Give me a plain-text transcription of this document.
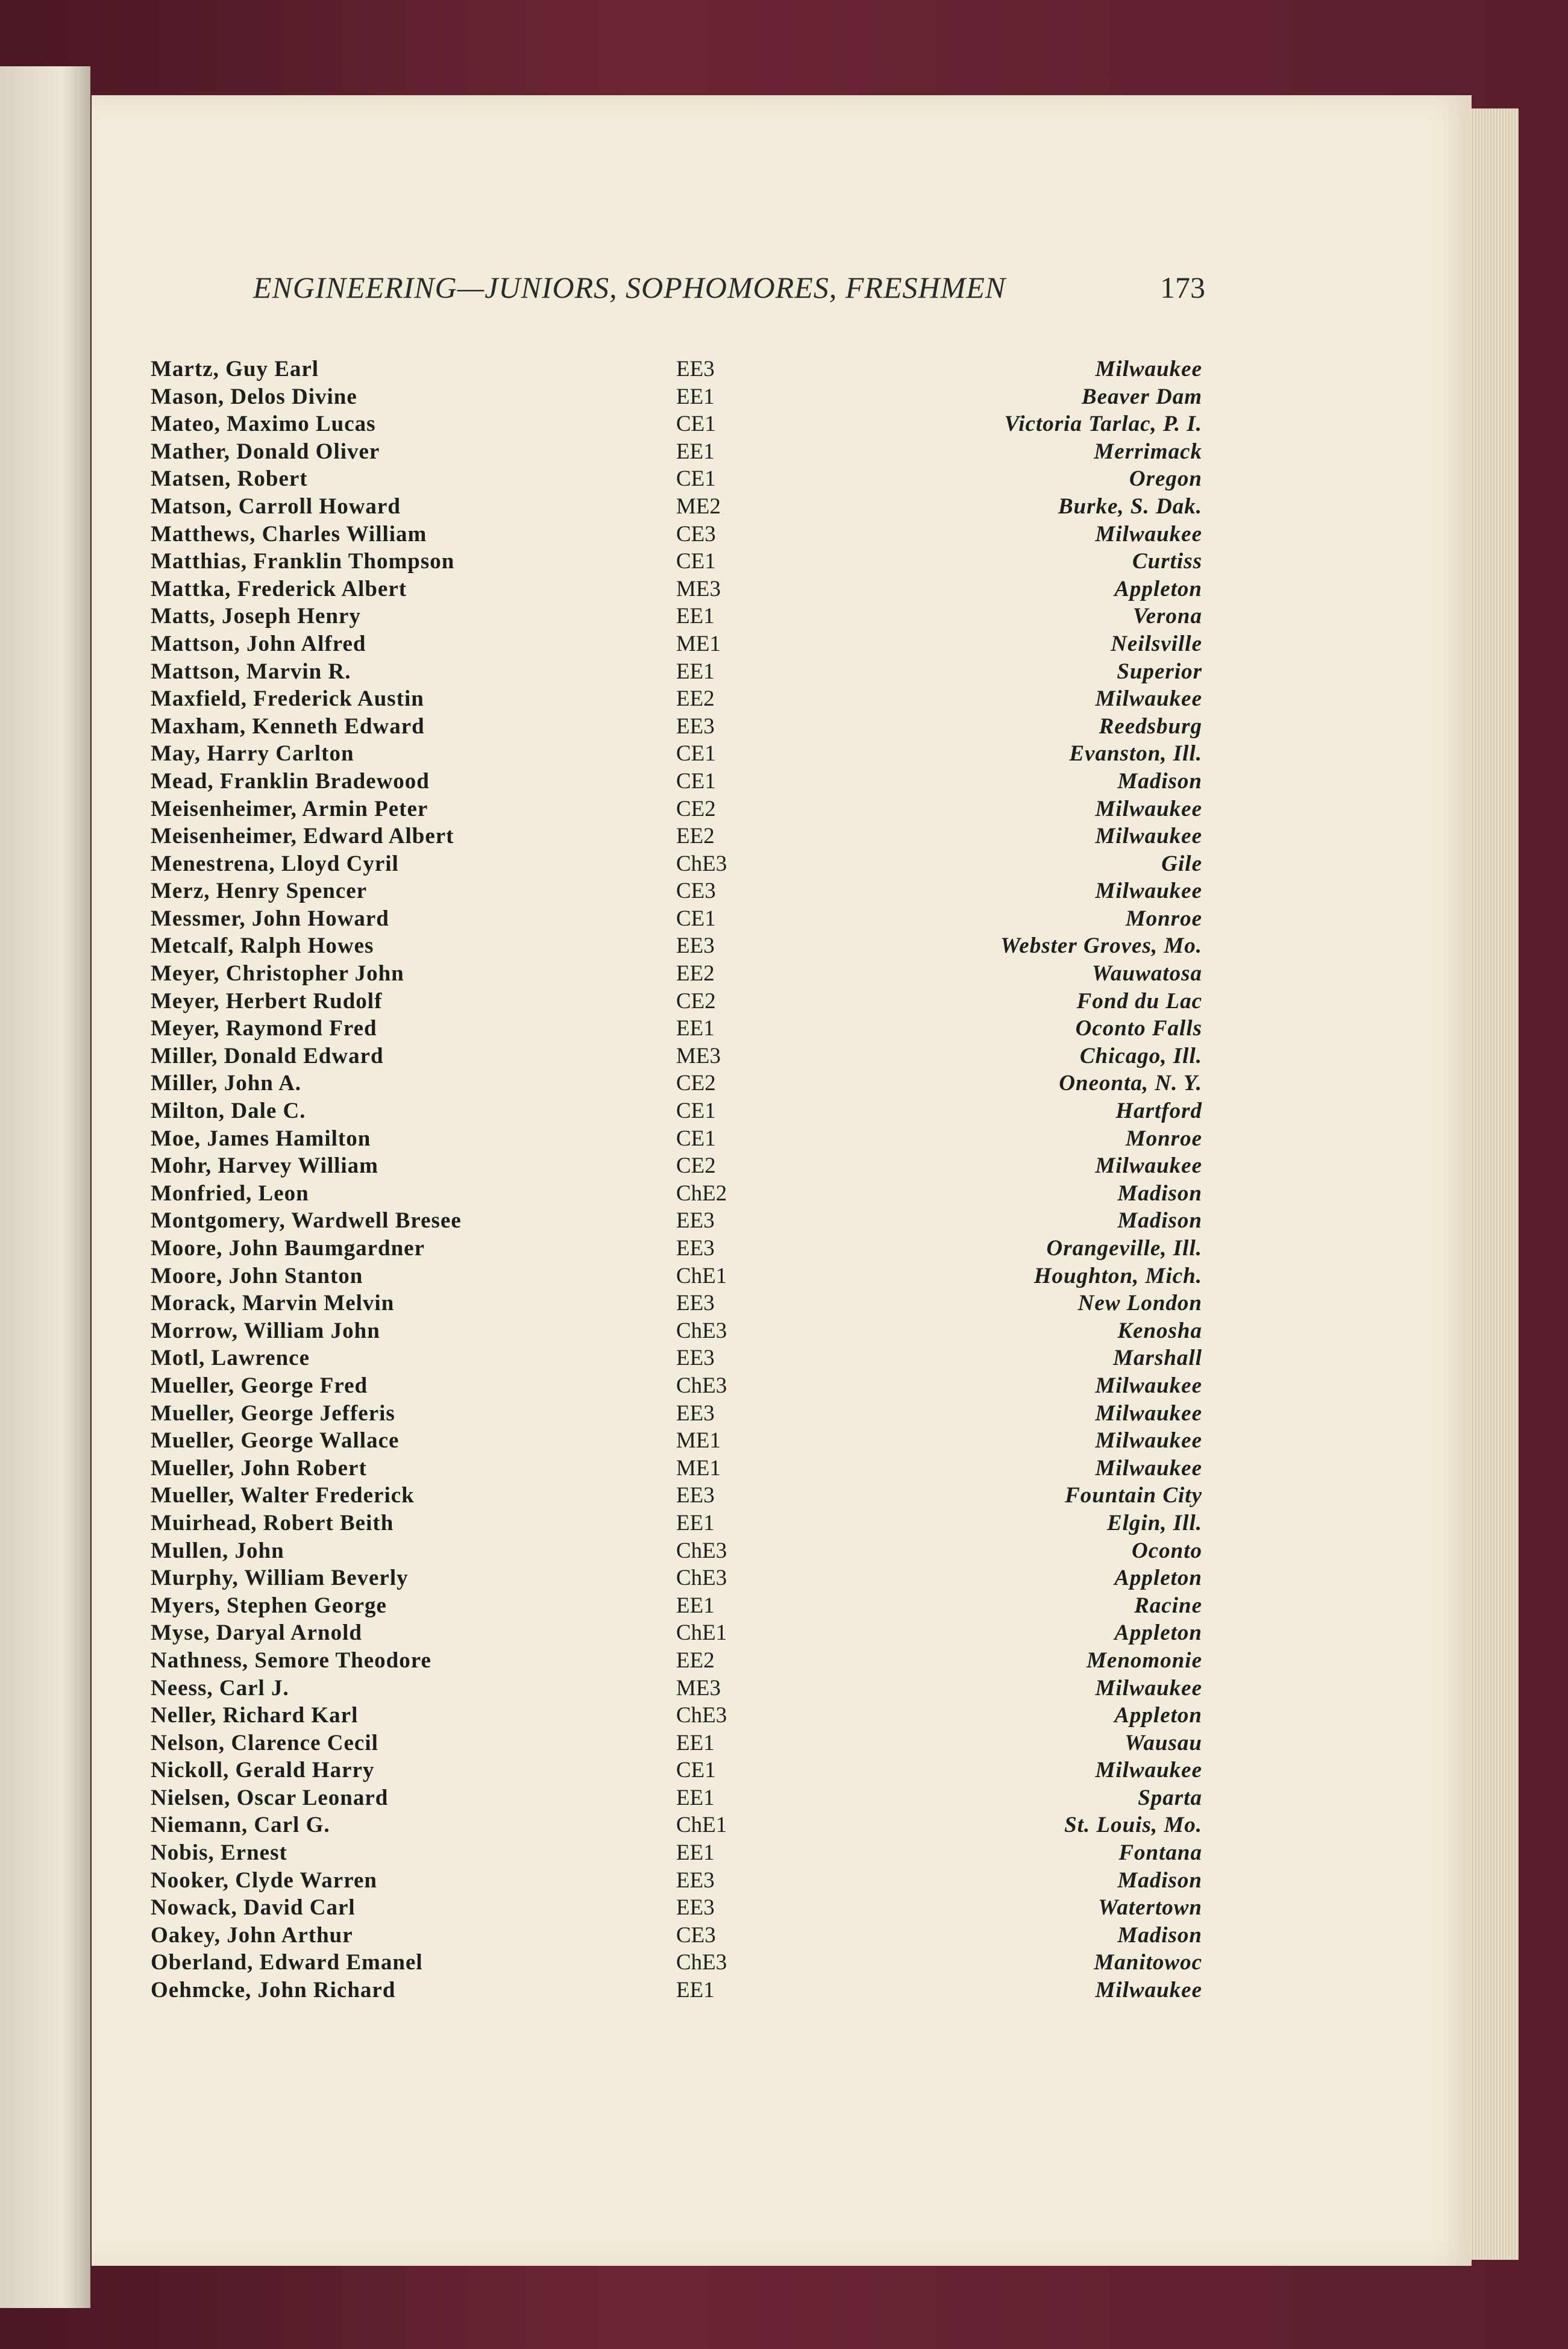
ENGINEERING—JUNIORS, SOPHOMORES, FRESHMEN	173
Martz, Guy Earl	EE3	Milwaukee
Mason, Delos Divine	EE1	Beaver Dam
Mateo, Maximo Lucas	CE1	Victoria Tarlac, P. I.
Mather, Donald Oliver	EE1	Merrimack
Matsen, Robert	CE1	Oregon
Matson, Carroll Howard	ME2	Burke, S. Dak.
Matthews, Charles William	CE3	Milwaukee
Matthias, Franklin Thompson	CE1	Curtiss
Mattka, Frederick Albert	ME3	Appleton
Matts, Joseph Henry	EE1	Verona
Mattson, John Alfred	ME1	Neilsville
Mattson, Marvin R.	EE1	Superior
Maxfield, Frederick Austin	EE2	Milwaukee
Maxham, Kenneth Edward	EE3	Reedsburg
May, Harry Carlton	CE1	Evanston, Ill.
Mead, Franklin Bradewood	CE1	Madison
Meisenheimer, Armin Peter	CE2	Milwaukee
Meisenheimer, Edward Albert	EE2	Milwaukee
Menestrena, Lloyd Cyril	ChE3	Gile
Merz, Henry Spencer	CE3	Milwaukee
Messmer, John Howard	CE1	Monroe
Metcalf, Ralph Howes	EE3	Webster Groves, Mo.
Meyer, Christopher John	EE2	Wauwatosa
Meyer, Herbert Rudolf	CE2	Fond du Lac
Meyer, Raymond Fred	EE1	Oconto Falls
Miller, Donald Edward	ME3	Chicago, Ill.
Miller, John A.	CE2	Oneonta, N. Y.
Milton, Dale C.	CE1	Hartford
Moe, James Hamilton	CE1	Monroe
Mohr, Harvey William	CE2	Milwaukee
Monfried, Leon	ChE2	Madison
Montgomery, Wardwell Bresee	EE3	Madison
Moore, John Baumgardner	EE3	Orangeville, Ill.
Moore, John Stanton	ChE1	Houghton, Mich.
Morack, Marvin Melvin	EE3	New London
Morrow, William John	ChE3	Kenosha
Motl, Lawrence	EE3	Marshall
Mueller, George Fred	ChE3	Milwaukee
Mueller, George Jefferis	EE3	Milwaukee
Mueller, George Wallace	ME1	Milwaukee
Mueller, John Robert	ME1	Milwaukee
Mueller, Walter Frederick	EE3	Fountain City
Muirhead, Robert Beith	EE1	Elgin, Ill.
Mullen, John	ChE3	Oconto
Murphy, William Beverly	ChE3	Appleton
Myers, Stephen George	EE1	Racine
Myse, Daryal Arnold	ChE1	Appleton
Nathness, Semore Theodore	EE2	Menomonie
Neess, Carl J.	ME3	Milwaukee
Neller, Richard Karl	ChE3	Appleton
Nelson, Clarence Cecil	EE1	Wausau
Nickoll, Gerald Harry	CE1	Milwaukee
Nielsen, Oscar Leonard	EE1	Sparta
Niemann, Carl G.	ChE1	St. Louis, Mo.
Nobis, Ernest	EE1	Fontana
Nooker, Clyde Warren	EE3	Madison
Nowack, David Carl	EE3	Watertown
Oakey, John Arthur	CE3	Madison
Oberland, Edward Emanel	ChE3	Manitowoc
Oehmcke, John Richard	EE1	Milwaukee
